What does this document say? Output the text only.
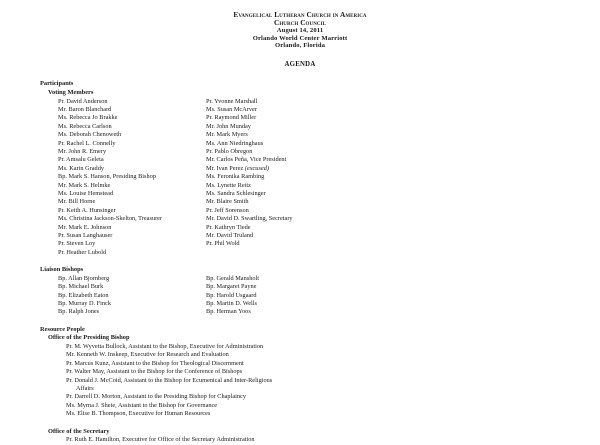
Evangelical Lutheran Church in America
Church Council
August 14, 2011
Orlando World Center Marriott
Orlando, Florida
AGENDA
Participants
Voting Members
Pr. David Anderson
Mr. Baron Blanchard
Ms. Rebecca Jo Brakke
Ms. Rebecca Carlson
Ms. Deborah Chenoweth
Pr. Rachel L. Connelly
Mr. John R. Emery
Pr. Amsalu Geleta
Ms. Karin Graddy
Bp. Mark S. Hanson, Presiding Bishop
Mr. Mark S. Helmke
Ms. Louise Hemstead
Mr. Bill Horne
Pr. Keith A. Hunsinger
Ms. Christina Jackson-Skelton, Treasurer
Mr. Mark E. Johnson
Pr. Susan Langhauser
Pr. Steven Loy
Pr. Heather Lubold
Pr. Yvonne Marshall
Ms. Susan McArver
Pr. Raymond Miller
Mr. John Munday
Mr. Mark Myers
Ms. Ann Niedringhaus
Pr. Pablo Obregon
Mr. Carlos Peña, Vice President
Mr. Ivan Perez (excused)
Ms. Feronika Rambing
Ms. Lynette Reitz
Ms. Sandra Schlesinger
Mr. Blaire Smith
Pr. Jeff Sorenson
Mr. David D. Swartling, Secretary
Pr. Kathryn Tiede
Mr. David Truland
Pr. Phil Wold
Liaison Bishops
Bp. Allan Bjornberg
Bp. Michael Burk
Bp. Elizabeth Eaton
Bp. Murray D. Finck
Bp. Ralph Jones
Bp. Gerald Mansholt
Bp. Margaret Payne
Bp. Harold Usgaard
Bp. Martin D. Wells
Bp. Herman Yoos
Resource People
Office of the Presiding Bishop
Pr. M. Wyvetta Bullock, Assistant to the Bishop, Executive for Administration
Mr. Kenneth W. Inskeep, Executive for Research and Evaluation
Pr. Marcus Kunz, Assistant to the Bishop for Theological Discernment
Pr. Walter May, Assistant to the Bishop for the Conference of Bishops
Pr. Donald J. McCoid, Assistant to the Bishop for Ecumenical and Inter-Religious
Affairs
Pr. Darrell D. Morton, Assistant to the Presiding Bishop for Chaplaincy
Ms. Myrna J. Sheie, Assistant to the Bishop for Governance
Ms. Elise B. Thompson, Executive for Human Resources
Office of the Secretary
Pr. Ruth E. Hamilton, Executive for Office of the Secretary Administration
